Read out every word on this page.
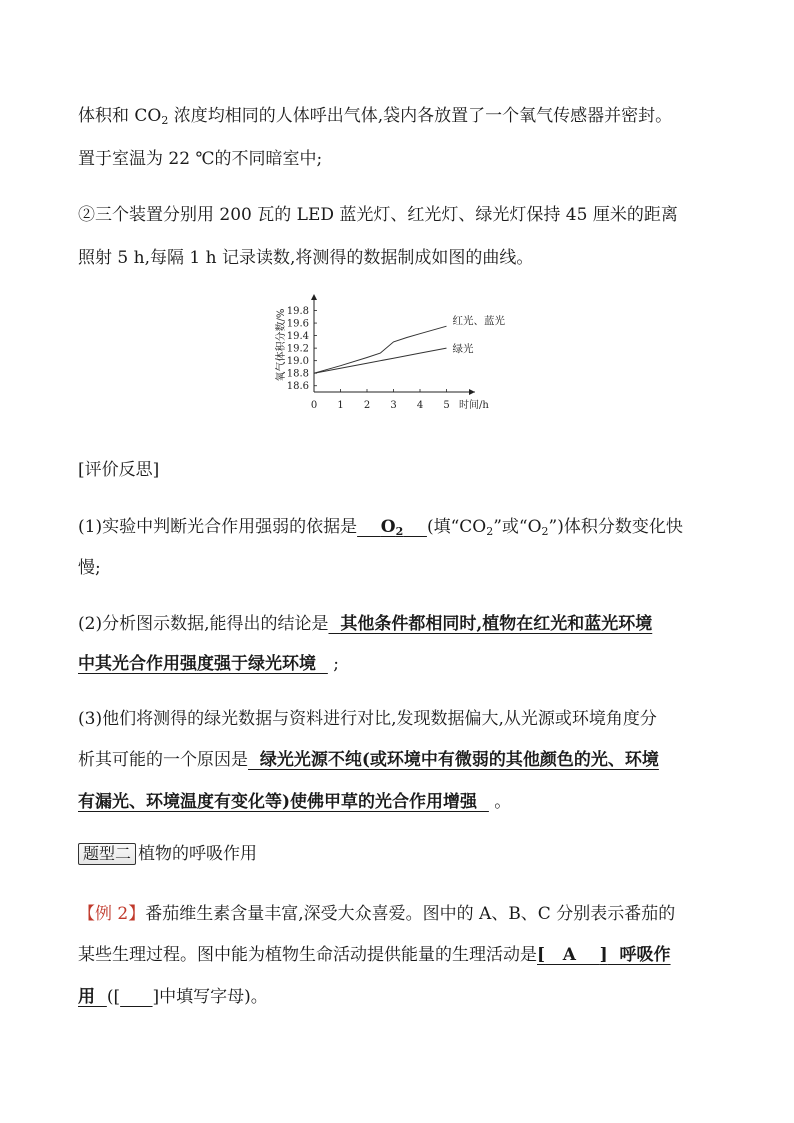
体积和 $CO_2$ 浓度均相同的人体呼出气体,袋内各放置了一个氧气传感器并密封。
置于室温为 22 ℃的不同暗室中;
②三个装置分别用 200 瓦的 LED 蓝光灯、红光灯、绿光灯保持 45 厘米的距离
照射 5 h,每隔 1 h 记录读数,将测得的数据制成如图的曲线。
18.6
18.8
19.0
19.2
19.4
19.6
19.8
0 1 2 3 4 5 时间/h
氧气体积分数/%	红光、蓝光
绿光
[评价反思]
(1)实验中判断光合作用强弱的依据是 $O_2$ (填“$CO_2$”或“$O_2$”)体积分数变化快
慢;
(2)分析图示数据,能得出的结论是  其他条件都相同时,植物在红光和蓝光环境
中其光合作用强度强于绿光环境   ;
(3)他们将测得的绿光数据与资料进行对比,发现数据偏大,从光源或环境角度分
析其可能的一个原因是  绿光光源不纯(或环境中有微弱的其他颜色的光、环境
有漏光、环境温度有变化等)使佛甲草的光合作用增强   。
题型二 植物的呼吸作用
【例 2】番茄维生素含量丰富,深受大众喜爱。图中的 A、B、C 分别表示番茄的
某些生理过程。图中能为植物生命活动提供能量的生理活动是[   A    ]  呼吸作
用  ([ ]中填写字母)。
